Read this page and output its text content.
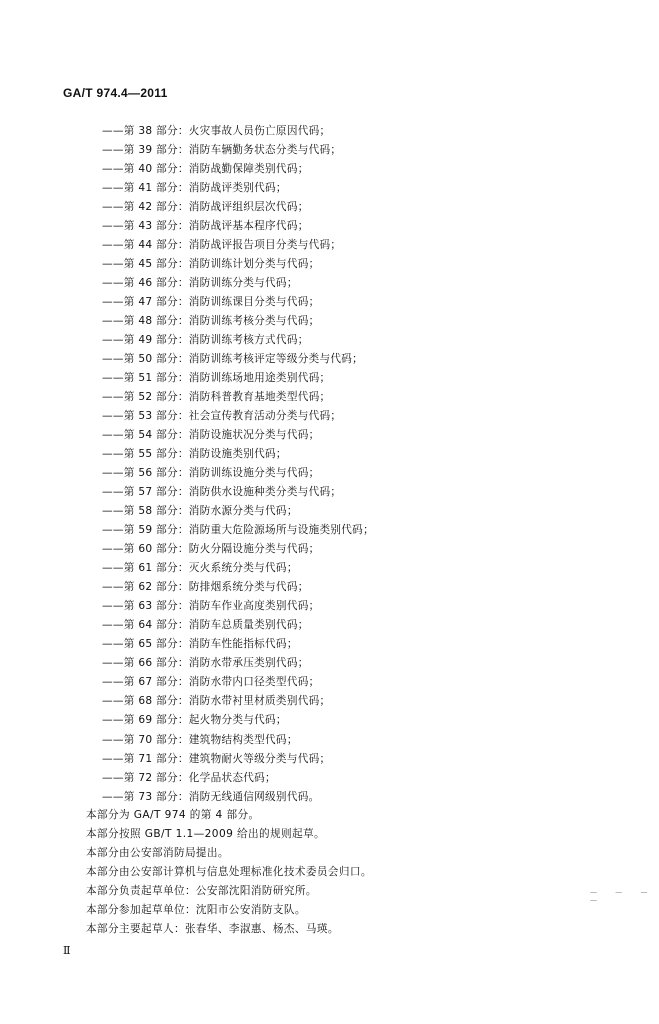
GA/T 974.4—2011
——第 38 部分：火灾事故人员伤亡原因代码；
——第 39 部分：消防车辆勤务状态分类与代码；
——第 40 部分：消防战勤保障类别代码；
——第 41 部分：消防战评类别代码；
——第 42 部分：消防战评组织层次代码；
——第 43 部分：消防战评基本程序代码；
——第 44 部分：消防战评报告项目分类与代码；
——第 45 部分：消防训练计划分类与代码；
——第 46 部分：消防训练分类与代码；
——第 47 部分：消防训练课目分类与代码；
——第 48 部分：消防训练考核分类与代码；
——第 49 部分：消防训练考核方式代码；
——第 50 部分：消防训练考核评定等级分类与代码；
——第 51 部分：消防训练场地用途类别代码；
——第 52 部分：消防科普教育基地类型代码；
——第 53 部分：社会宣传教育活动分类与代码；
——第 54 部分：消防设施状况分类与代码；
——第 55 部分：消防设施类别代码；
——第 56 部分：消防训练设施分类与代码；
——第 57 部分：消防供水设施种类分类与代码；
——第 58 部分：消防水源分类与代码；
——第 59 部分：消防重大危险源场所与设施类别代码；
——第 60 部分：防火分隔设施分类与代码；
——第 61 部分：灭火系统分类与代码；
——第 62 部分：防排烟系统分类与代码；
——第 63 部分：消防车作业高度类别代码；
——第 64 部分：消防车总质量类别代码；
——第 65 部分：消防车性能指标代码；
——第 66 部分：消防水带承压类别代码；
——第 67 部分：消防水带内口径类型代码；
——第 68 部分：消防水带衬里材质类别代码；
——第 69 部分：起火物分类与代码；
——第 70 部分：建筑物结构类型代码；
——第 71 部分：建筑物耐火等级分类与代码；
——第 72 部分：化学品状态代码；
——第 73 部分：消防无线通信网级别代码。

本部分为 GA/T 974 的第 4 部分。

本部分按照 GB/T 1.1—2009 给出的规则起草。

本部分由公安部消防局提出。

本部分由公安部计算机与信息处理标准化技术委员会归口。

本部分负责起草单位：公安部沈阳消防研究所。

本部分参加起草单位：沈阳市公安消防支队。

本部分主要起草人：张春华、李淑惠、杨杰、马瑛。

— — — —
Ⅱ
